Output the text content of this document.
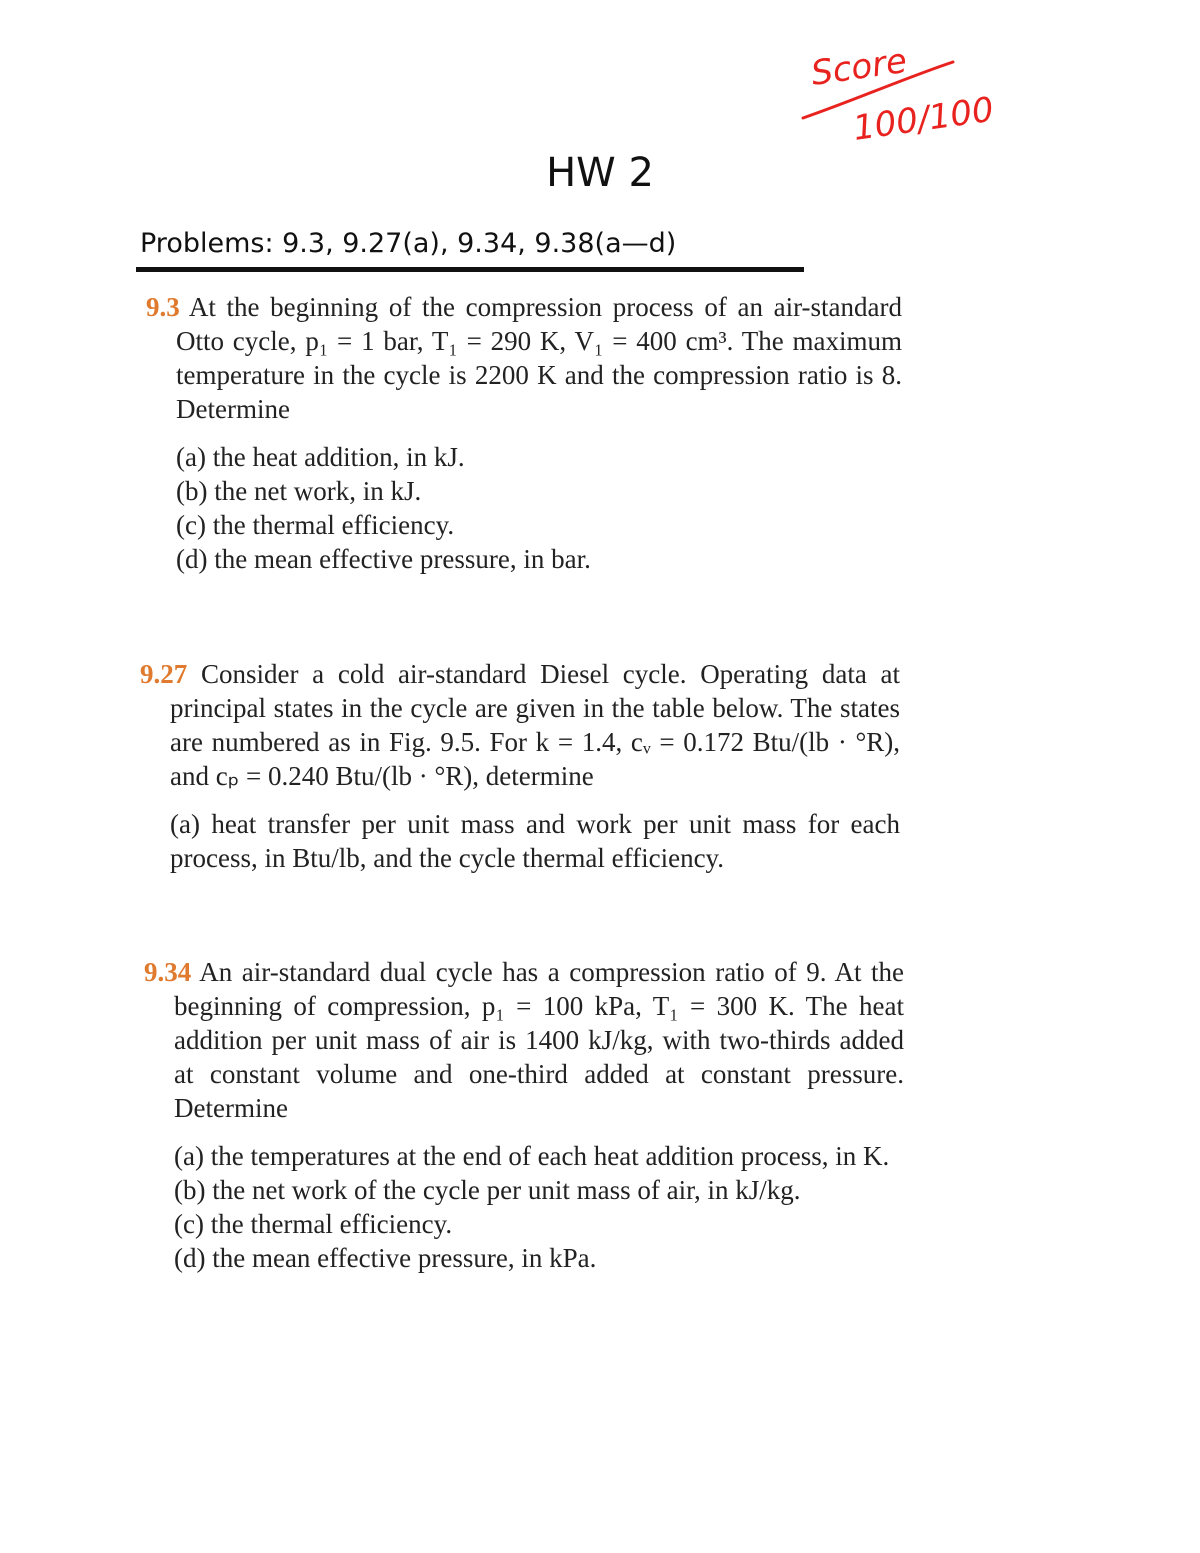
Score
100/100
HW 2
Problems: 9.3, 9.27(a), 9.34, 9.38(a—d)
9.3 At the beginning of the compression process of an air-standard Otto cycle, p₁ = 1 bar, T₁ = 290 K, V₁ = 400 cm³. The maximum temperature in the cycle is 2200 K and the compression ratio is 8. Determine
(a) the heat addition, in kJ.
(b) the net work, in kJ.
(c) the thermal efficiency.
(d) the mean effective pressure, in bar.
9.27 Consider a cold air-standard Diesel cycle. Operating data at principal states in the cycle are given in the table below. The states are numbered as in Fig. 9.5. For k = 1.4, cᵥ = 0.172 Btu/(lb · °R), and cₚ = 0.240 Btu/(lb · °R), determine
(a) heat transfer per unit mass and work per unit mass for each process, in Btu/lb, and the cycle thermal efficiency.
9.34 An air-standard dual cycle has a compression ratio of 9. At the beginning of compression, p₁ = 100 kPa, T₁ = 300 K. The heat addition per unit mass of air is 1400 kJ/kg, with two-thirds added at constant volume and one-third added at constant pressure. Determine
(a) the temperatures at the end of each heat addition process, in K.
(b) the net work of the cycle per unit mass of air, in kJ/kg.
(c) the thermal efficiency.
(d) the mean effective pressure, in kPa.
